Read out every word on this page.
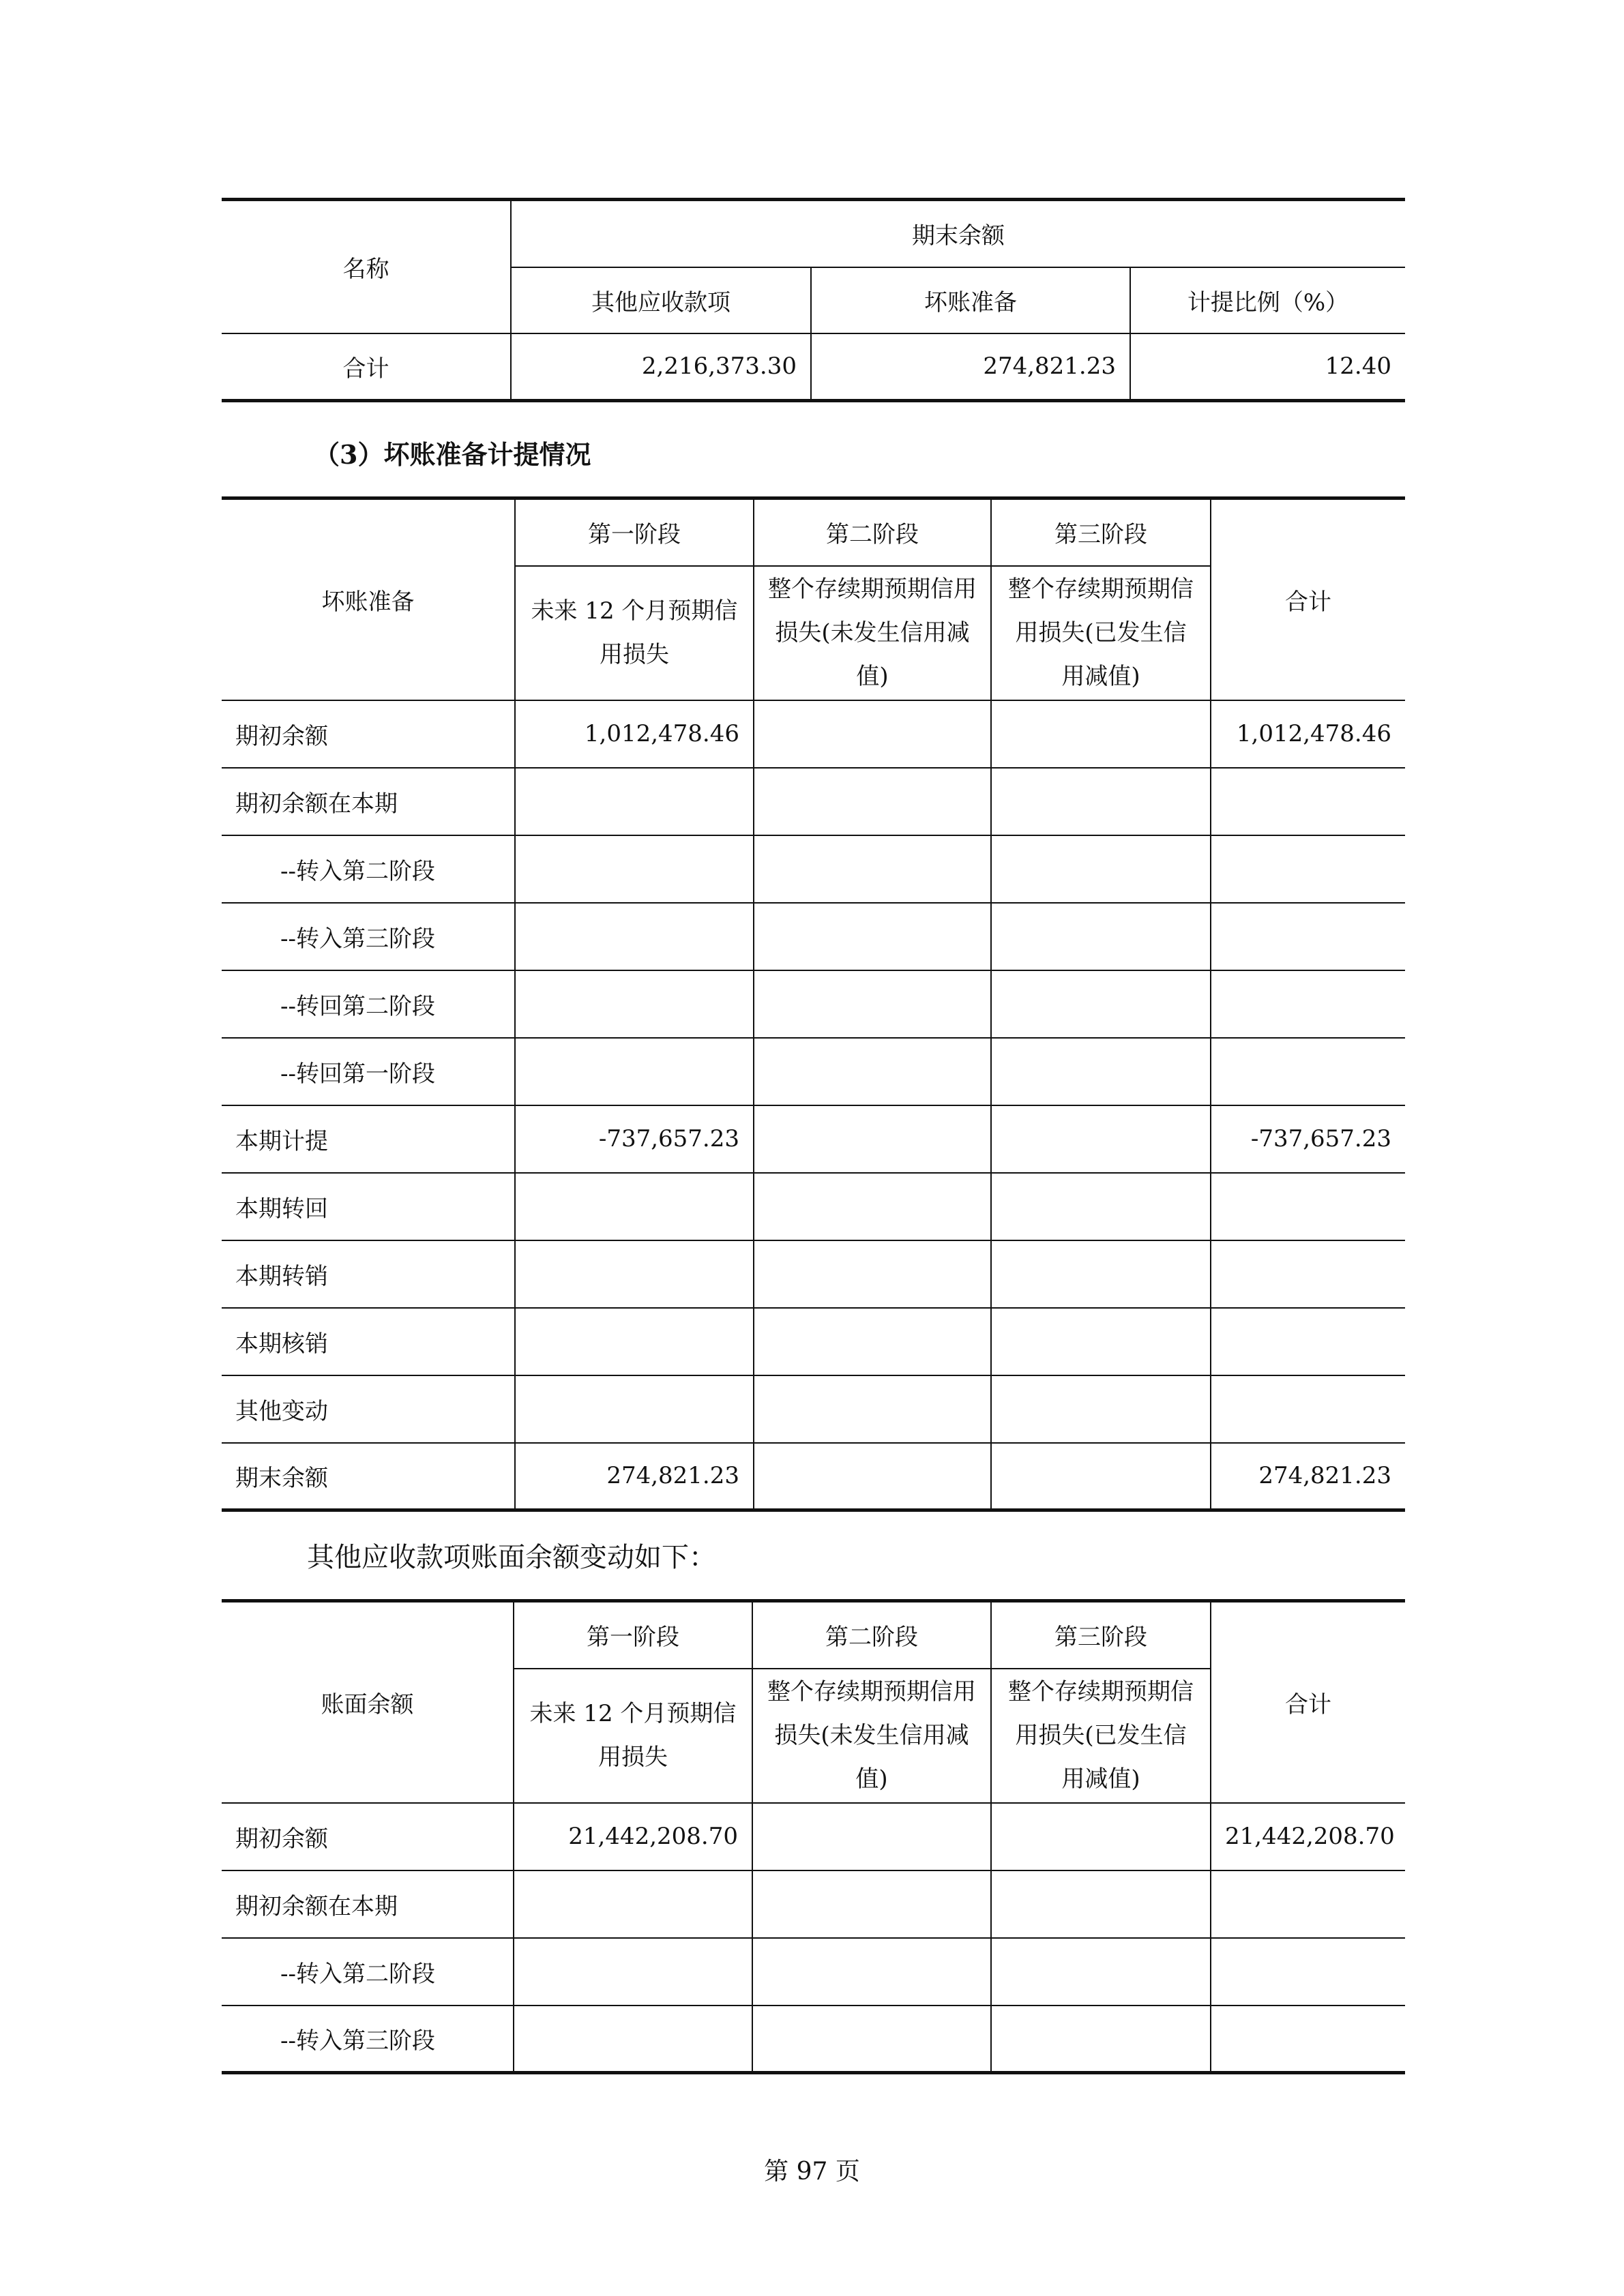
名称	期末余额		
	其他应收款项	坏账准备	计提比例（%）
合计	2,216,373.30	274,821.23	12.40
（3）坏账准备计提情况
坏账准备	第一阶段	第二阶段	第三阶段	合计
	未来 12 个月预期信用损失	整个存续期预期信用损失(未发生信用减值)	整个存续期预期信用损失(已发生信用减值)	
期初余额	1,012,478.46			1,012,478.46
期初余额在本期				
--转入第二阶段				
--转入第三阶段				
--转回第二阶段				
--转回第一阶段				
本期计提	-737,657.23			-737,657.23
本期转回				
本期转销				
本期核销				
其他变动				
期末余额	274,821.23			274,821.23
其他应收款项账面余额变动如下：
账面余额	第一阶段	第二阶段	第三阶段	合计
	未来 12 个月预期信用损失	整个存续期预期信用损失(未发生信用减值)	整个存续期预期信用损失(已发生信用减值)	
期初余额	21,442,208.70			21,442,208.70
期初余额在本期				
--转入第二阶段				
--转入第三阶段				
第 97 页
